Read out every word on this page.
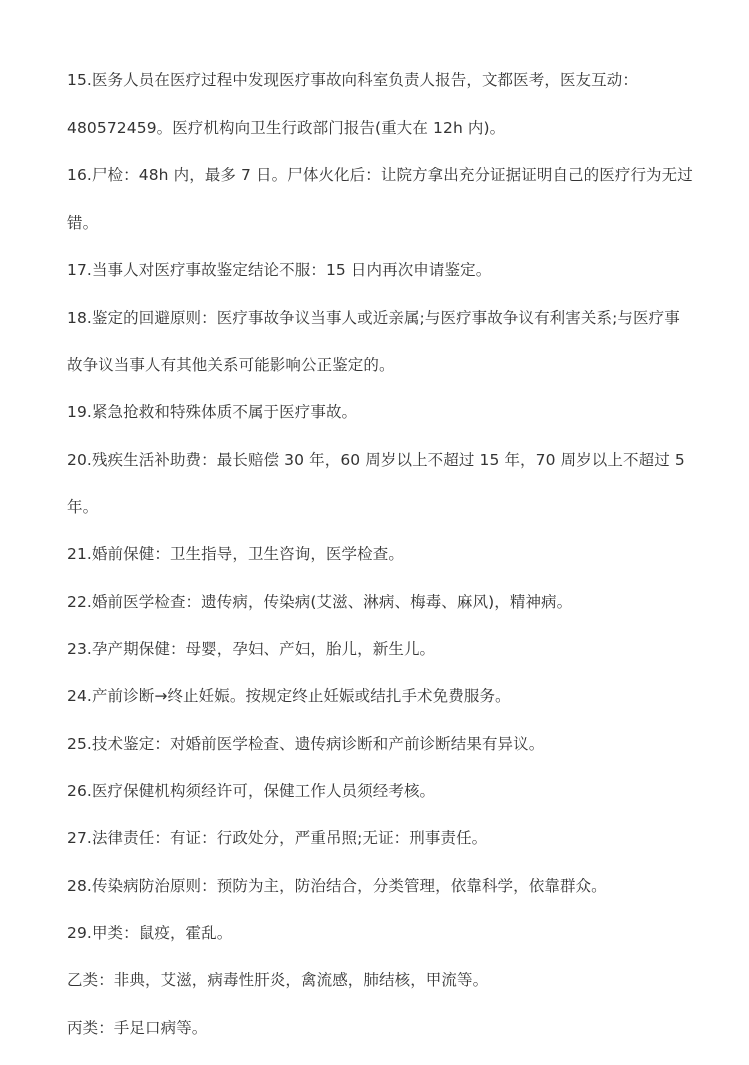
15.医务人员在医疗过程中发现医疗事故向科室负责人报告，文都医考，医友互动：
480572459。医疗机构向卫生行政部门报告(重大在 12h 内)。
16.尸检：48h 内，最多 7 日。尸体火化后：让院方拿出充分证据证明自己的医疗行为无过
错。
17.当事人对医疗事故鉴定结论不服：15 日内再次申请鉴定。
18.鉴定的回避原则：医疗事故争议当事人或近亲属;与医疗事故争议有利害关系;与医疗事
故争议当事人有其他关系可能影响公正鉴定的。
19.紧急抢救和特殊体质不属于医疗事故。
20.残疾生活补助费：最长赔偿 30 年，60 周岁以上不超过 15 年，70 周岁以上不超过 5
年。
21.婚前保健：卫生指导，卫生咨询，医学检查。
22.婚前医学检查：遗传病，传染病(艾滋、淋病、梅毒、麻风)，精神病。
23.孕产期保健：母婴，孕妇、产妇，胎儿，新生儿。
24.产前诊断→终止妊娠。按规定终止妊娠或结扎手术免费服务。
25.技术鉴定：对婚前医学检查、遗传病诊断和产前诊断结果有异议。
26.医疗保健机构须经许可，保健工作人员须经考核。
27.法律责任：有证：行政处分，严重吊照;无证：刑事责任。
28.传染病防治原则：预防为主，防治结合，分类管理，依靠科学，依靠群众。
29.甲类：鼠疫，霍乱。
乙类：非典，艾滋，病毒性肝炎，禽流感，肺结核，甲流等。
丙类：手足口病等。
